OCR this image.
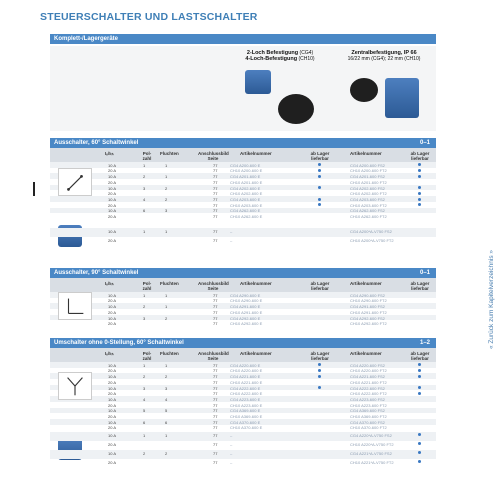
STEUERSCHALTER UND LASTSCHALTER
« Zurück zum Kapitelverzeichnis »
Komplett-/Lagergeräte
2-Loch Befestigung (CG4)
4-Loch-Befestigung (CH10)
Zentralbefestigung, IP 66
16/22 mm (CG4); 22 mm (CH10)
Ausschalter, 60° Schaltwinkel	0–1
Iₑ/Iₜₕ	Pol-zahl
Fluchten	Anschlussbild Seite
Artikelnummer	ab Lager lieferbar
Artikelnummer	ab Lager lieferbar
10 A	1	1	77	CG4 A200-600 E	CG4 A200-600 FS2
20 A	77	CH10 A200-600 E	CH10 A200-600 FT2
10 A	2	1	77	CG4 A201-600 E	CG4 A201-600 FS2
20 A	77	CH10 A201-600 E	CH10 A201-600 FT2
10 A	3	2	77	CG4 A202-600 E	CG4 A202-600 FS2
20 A	77	CH10 A202-600 E	CH10 A202-600 FT2
10 A	4	2	77	CG4 A203-600 E	CG4 A203-600 FS2
20 A	77	CH10 A203-600 E	CH10 A203-600 FT2
10 A	6	3	77	CG4 A262-600 E	CG4 A262-600 FS2
20 A	77	CH10 A262-600 E	CH10 A262-600 FT2
10 A	1	1	77	–	CG4 A200*A-V750 FS2
20 A	77	–	CH10 A200*A-V750 FT2
Ausschalter, 90° Schaltwinkel	0–1
Iₑ/Iₜₕ	Pol-zahl
Fluchten	Anschlussbild Seite
Artikelnummer	ab Lager lieferbar
Artikelnummer	ab Lager lieferbar
10 A	1	1	77	CG4 A290-600 E	CG4 A290-600 FS2
20 A	77	CH10 A290-600 E	CH10 A290-600 FT2
10 A	2	1	77	CG4 A291-600 E	CG4 A291-600 FS2
20 A	77	CH10 A291-600 E	CH10 A291-600 FT2
10 A	3	2	77	CG4 A292-600 E	CG4 A292-600 FS2
20 A	77	CH10 A292-600 E	CH10 A292-600 FT2
Umschalter ohne 0-Stellung, 60° Schaltwinkel	1–2
Iₑ/Iₜₕ	Pol-zahl
Fluchten	Anschlussbild Seite
Artikelnummer	ab Lager lieferbar
Artikelnummer	ab Lager lieferbar
10 A	1	1	77	CG4 A220-600 E	CG4 A220-600 FS2
20 A	77	CH10 A220-600 E	CH10 A220-600 FT2
10 A	2	2	77	CG4 A221-600 E	CG4 A221-600 FS2
20 A	77	CH10 A221-600 E	CH10 A221-600 FT2
10 A	3	3	77	CG4 A222-600 E	CG4 A222-600 FS2
20 A	77	CH10 A222-600 E	CH10 A222-600 FT2
10 A	4	4	77	CG4 A223-600 E	CG4 A223-600 FS2
20 A	77	CH10 A223-600 E	CH10 A223-600 FT2
10 A	5	5	77	CG4 A369-600 E	CG4 A369-600 FS2
20 A	77	CH10 A369-600 E	CH10 A369-600 FT2
10 A	6	6	77	CG4 A370-600 E	CG4 A370-600 FS2
20 A	77	CH10 A370-600 E	CH10 A370-600 FT2
10 A	1	1	77	–	CG4 A220*A-V750 FS2
20 A	77	–	CH10 A220*A-V750 FT2
10 A	2	2	77	–	CG4 A221*A-V750 FS2
20 A	77	–	CH10 A221*A-V750 FT2
